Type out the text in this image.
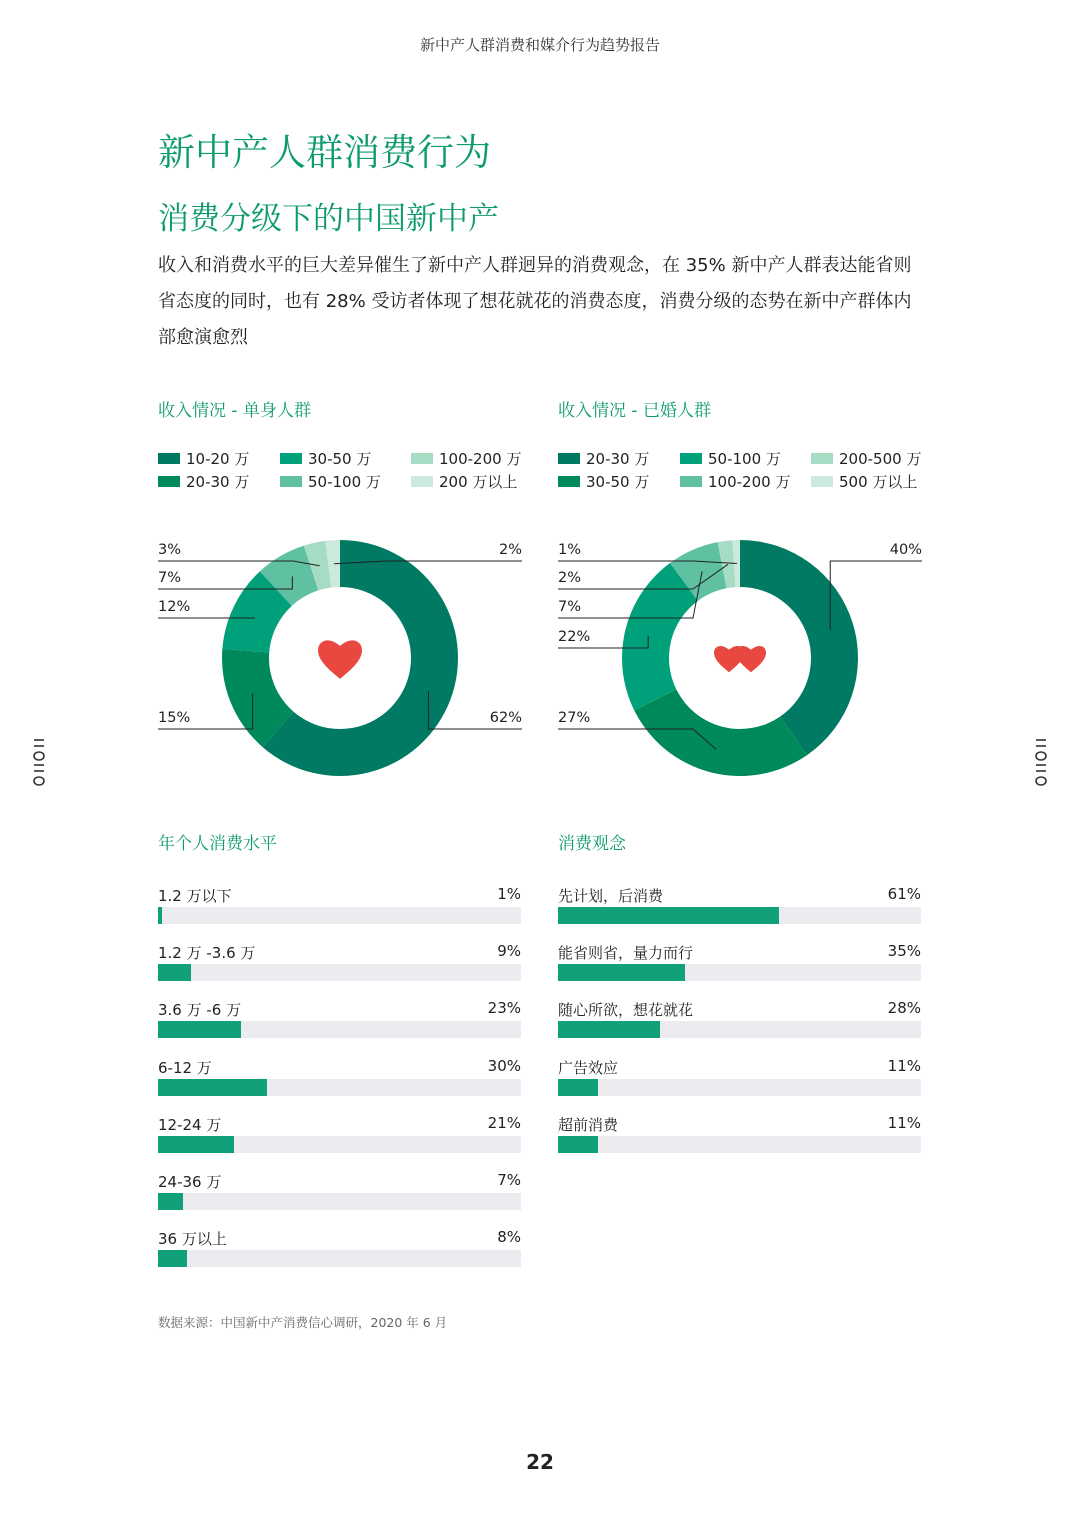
新中产人群消费和媒介行为趋势报告
新中产人群消费行为
消费分级下的中国新中产
收入和消费水平的巨大差异催生了新中产人群迥异的消费观念，在 35% 新中产人群表达能省则省态度的同时，也有 28% 受访者体现了想花就花的消费态度，消费分级的态势在新中产群体内部愈演愈烈
收入情况 - 单身人群
10-20 万
20-30 万
30-50 万
50-100 万
100-200 万
200 万以上
2%
3%
7%
12%
15%	62%
收入情况 - 已婚人群
20-30 万
30-50 万
50-100 万
100-200 万
200-500 万
500 万以上
40%
1%
2%
7%
22%
27%
年个人消费水平
1.2 万以下	1%
1.2 万 -3.6 万	9%
3.6 万 -6 万	23%
6-12 万	30%
12-24 万	21%
24-36 万	7%
36 万以上	8%
消费观念
先计划，后消费	61%
能省则省，量力而行	35%
随心所欲，想花就花	28%
广告效应	11%
超前消费	11%
数据来源：中国新中产消费信心调研，2020 年 6 月
22
